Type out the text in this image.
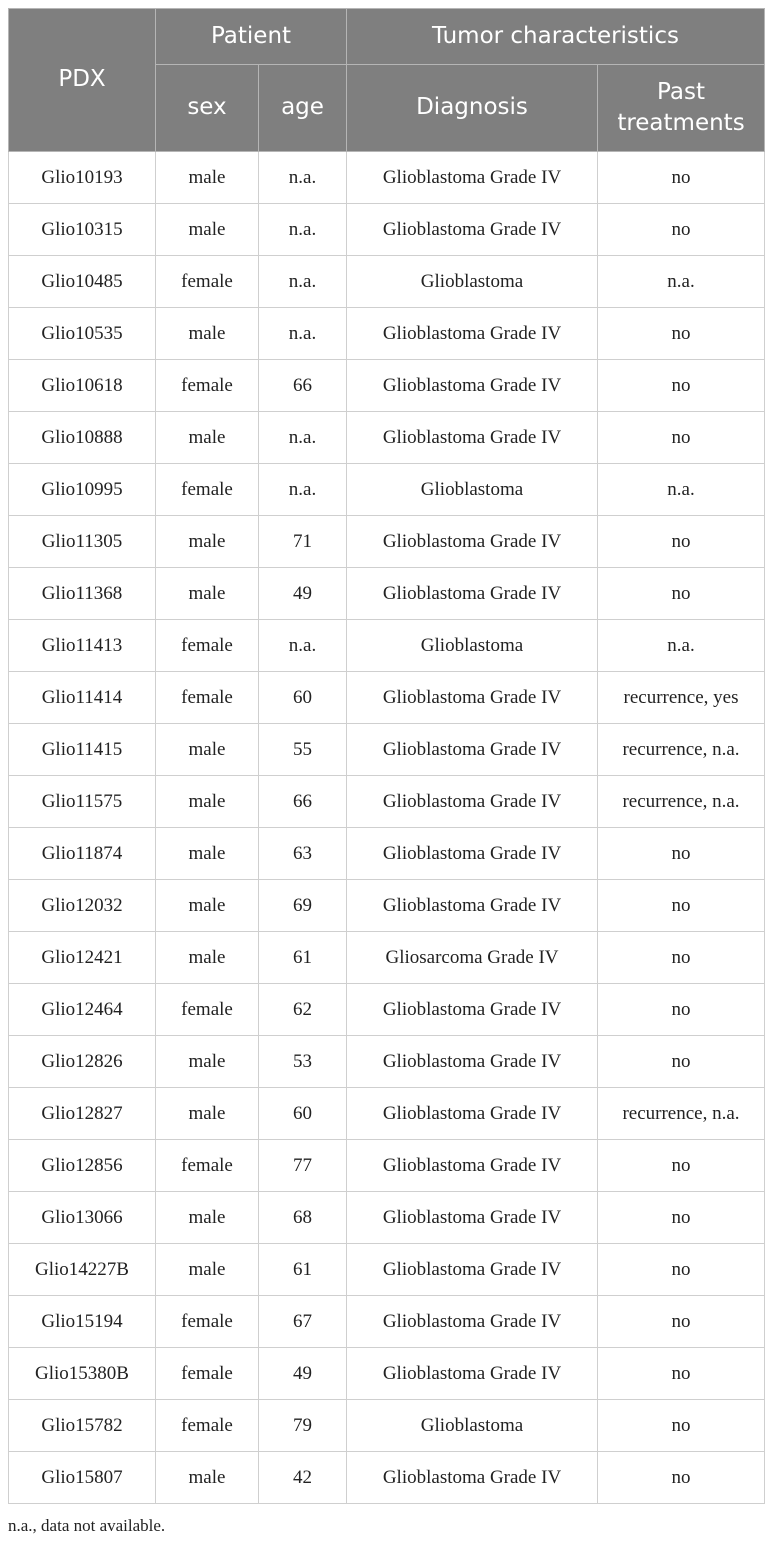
PDX	Patient		Tumor characteristics	
	sex	age	Diagnosis	Past treatments
Glio10193	male	n.a.	Glioblastoma Grade IV	no
Glio10315	male	n.a.	Glioblastoma Grade IV	no
Glio10485	female	n.a.	Glioblastoma	n.a.
Glio10535	male	n.a.	Glioblastoma Grade IV	no
Glio10618	female	66	Glioblastoma Grade IV	no
Glio10888	male	n.a.	Glioblastoma Grade IV	no
Glio10995	female	n.a.	Glioblastoma	n.a.
Glio11305	male	71	Glioblastoma Grade IV	no
Glio11368	male	49	Glioblastoma Grade IV	no
Glio11413	female	n.a.	Glioblastoma	n.a.
Glio11414	female	60	Glioblastoma Grade IV	recurrence, yes
Glio11415	male	55	Glioblastoma Grade IV	recurrence, n.a.
Glio11575	male	66	Glioblastoma Grade IV	recurrence, n.a.
Glio11874	male	63	Glioblastoma Grade IV	no
Glio12032	male	69	Glioblastoma Grade IV	no
Glio12421	male	61	Gliosarcoma Grade IV	no
Glio12464	female	62	Glioblastoma Grade IV	no
Glio12826	male	53	Glioblastoma Grade IV	no
Glio12827	male	60	Glioblastoma Grade IV	recurrence, n.a.
Glio12856	female	77	Glioblastoma Grade IV	no
Glio13066	male	68	Glioblastoma Grade IV	no
Glio14227B	male	61	Glioblastoma Grade IV	no
Glio15194	female	67	Glioblastoma Grade IV	no
Glio15380B	female	49	Glioblastoma Grade IV	no
Glio15782	female	79	Glioblastoma	no
Glio15807	male	42	Glioblastoma Grade IV	no
n.a., data not available.
